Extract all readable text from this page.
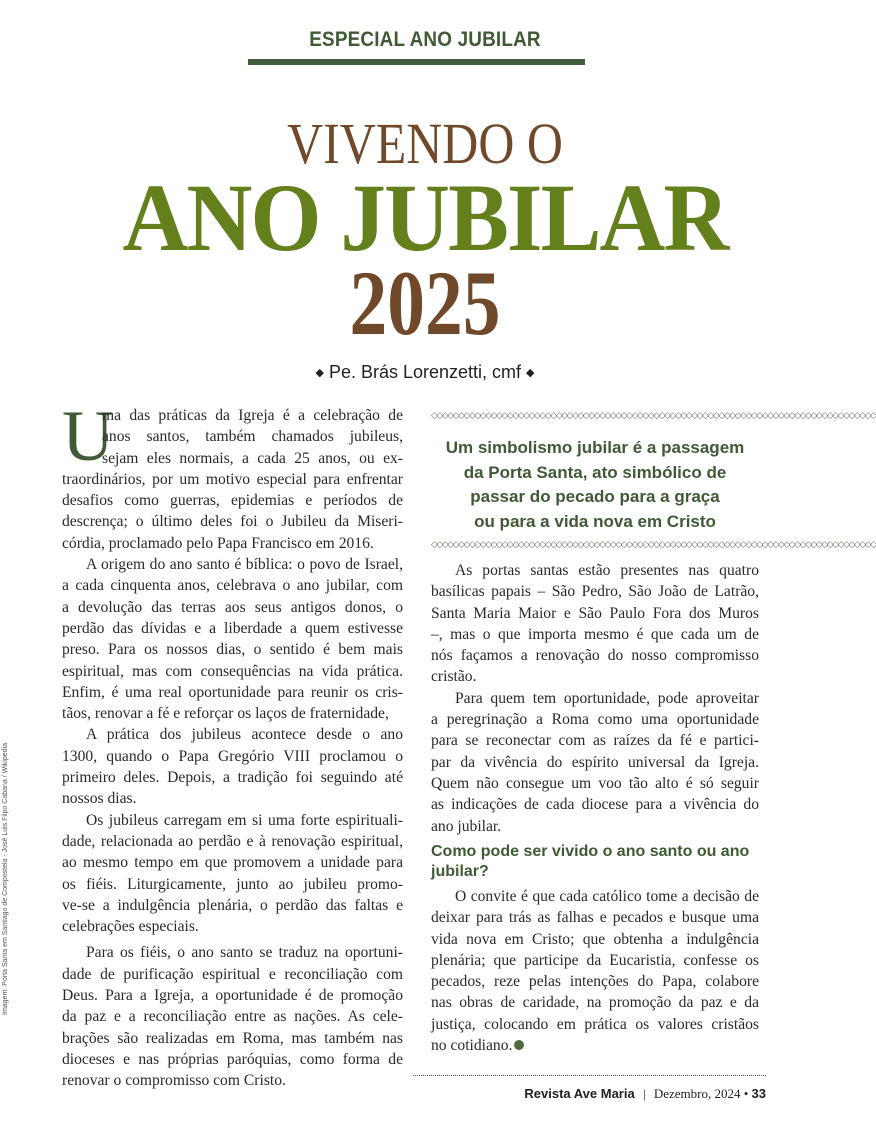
ESPECIAL ANO JUBILAR
VIVENDO O
ANO JUBILAR
2025
◆ Pe. Brás Lorenzetti, cmf ◆
U
ma das práticas da Igreja é a celebração de
anos santos, também chamados jubileus,
sejam eles normais, a cada 25 anos, ou ex-
traordinários, por um motivo especial para enfrentar
desafios como guerras, epidemias e períodos de
descrença; o último deles foi o Jubileu da Miseri-
córdia, proclamado pelo Papa Francisco em 2016.
A origem do ano santo é bíblica: o povo de Israel,
a cada cinquenta anos, celebrava o ano jubilar, com
a devolução das terras aos seus antigos donos, o
perdão das dívidas e a liberdade a quem estivesse
preso. Para os nossos dias, o sentido é bem mais
espiritual, mas com consequências na vida prática.
Enfim, é uma real oportunidade para reunir os cris-
tãos, renovar a fé e reforçar os laços de fraternidade,
A prática dos jubileus acontece desde o ano
1300, quando o Papa Gregório VIII proclamou o
primeiro deles. Depois, a tradição foi seguindo até
nossos dias.
Os jubileus carregam em si uma forte espirituali-
dade, relacionada ao perdão e à renovação espiritual,
ao mesmo tempo em que promovem a unidade para
os fiéis. Liturgicamente, junto ao jubileu promo-
ve-se a indulgência plenária, o perdão das faltas e
celebrações especiais.
Para os fiéis, o ano santo se traduz na oportuni-
dade de purificação espiritual e reconciliação com
Deus. Para a Igreja, a oportunidade é de promoção
da paz e a reconciliação entre as nações. As cele-
brações são realizadas em Roma, mas também nas
dioceses e nas próprias paróquias, como forma de
renovar o compromisso com Cristo.
◇◇◇◇◇◇◇◇◇◇◇◇◇◇◇◇◇◇◇◇◇◇◇◇◇◇◇◇◇◇◇◇◇◇◇◇◇◇◇◇◇◇◇◇◇◇◇◇◇◇◇◇◇◇◇◇◇◇◇◇◇◇◇◇◇◇◇◇◇◇◇◇◇◇◇◇◇◇◇◇◇◇
Um simbolismo jubilar é a passagem
da Porta Santa, ato simbólico de
passar do pecado para a graça
ou para a vida nova em Cristo
◇◇◇◇◇◇◇◇◇◇◇◇◇◇◇◇◇◇◇◇◇◇◇◇◇◇◇◇◇◇◇◇◇◇◇◇◇◇◇◇◇◇◇◇◇◇◇◇◇◇◇◇◇◇◇◇◇◇◇◇◇◇◇◇◇◇◇◇◇◇◇◇◇◇◇◇◇◇◇◇◇◇
As portas santas estão presentes nas quatro
basílicas papais – São Pedro, São João de Latrão,
Santa Maria Maior e São Paulo Fora dos Muros
–, mas o que importa mesmo é que cada um de
nós façamos a renovação do nosso compromisso
cristão.
Para quem tem oportunidade, pode aproveitar
a peregrinação a Roma como uma oportunidade
para se reconectar com as raízes da fé e partici-
par da vivência do espírito universal da Igreja.
Quem não consegue um voo tão alto é só seguir
as indicações de cada diocese para a vivência do
ano jubilar.
Como pode ser vivido o ano santo ou ano jubilar?
O convite é que cada católico tome a decisão de
deixar para trás as falhas e pecados e busque uma
vida nova em Cristo; que obtenha a indulgência
plenária; que participe da Eucaristia, confesse os
pecados, reze pelas intenções do Papa, colabore
nas obras de caridade, na promoção da paz e da
justiça, colocando em prática os valores cristãos
no cotidiano.
Imagem: Porta Santa em Santiago de Compostela - José Luis Filpo Cabana / Wikipedia
Revista Ave Maria | Dezembro, 2024 • 33
